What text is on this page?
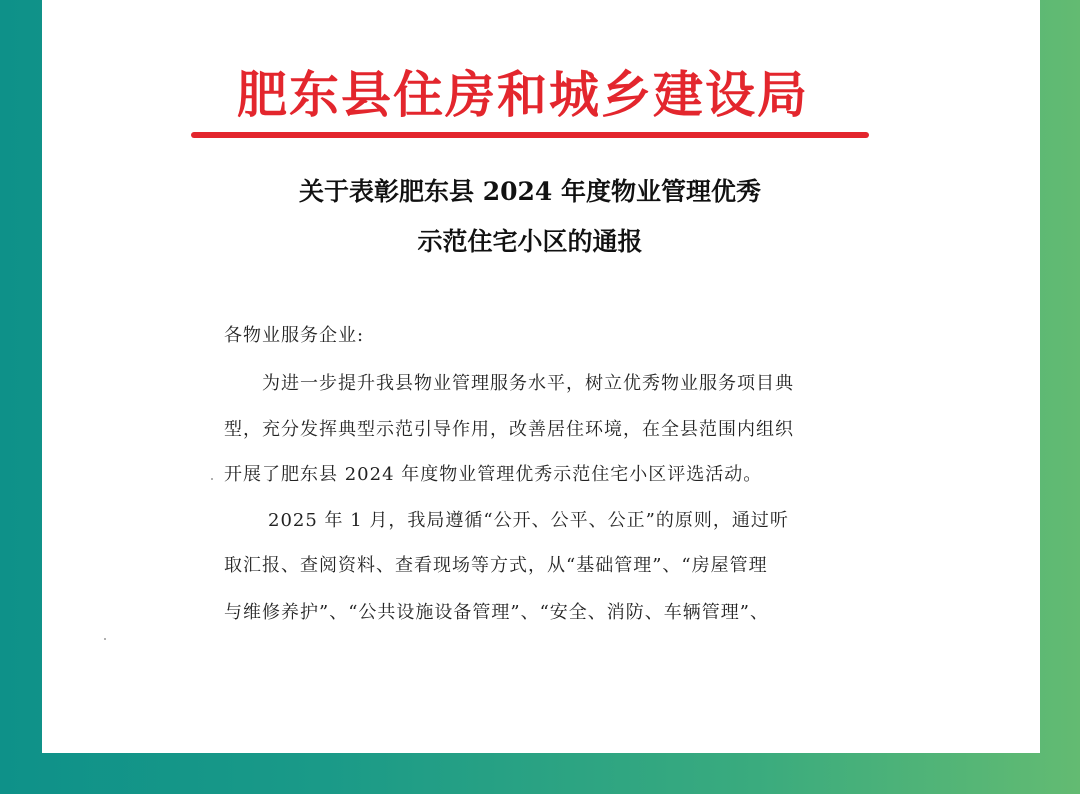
肥东县住房和城乡建设局
关于表彰肥东县 2024 年度物业管理优秀
示范住宅小区的通报
各物业服务企业:
为进一步提升我县物业管理服务水平，树立优秀物业服务项目典
型，充分发挥典型示范引导作用，改善居住环境，在全县范围内组织
开展了肥东县 2024 年度物业管理优秀示范住宅小区评选活动。
2025 年 1 月，我局遵循“公开、公平、公正”的原则，通过听
取汇报、查阅资料、查看现场等方式，从“基础管理”、“房屋管理
与维修养护”、“公共设施设备管理”、“安全、消防、车辆管理”、
